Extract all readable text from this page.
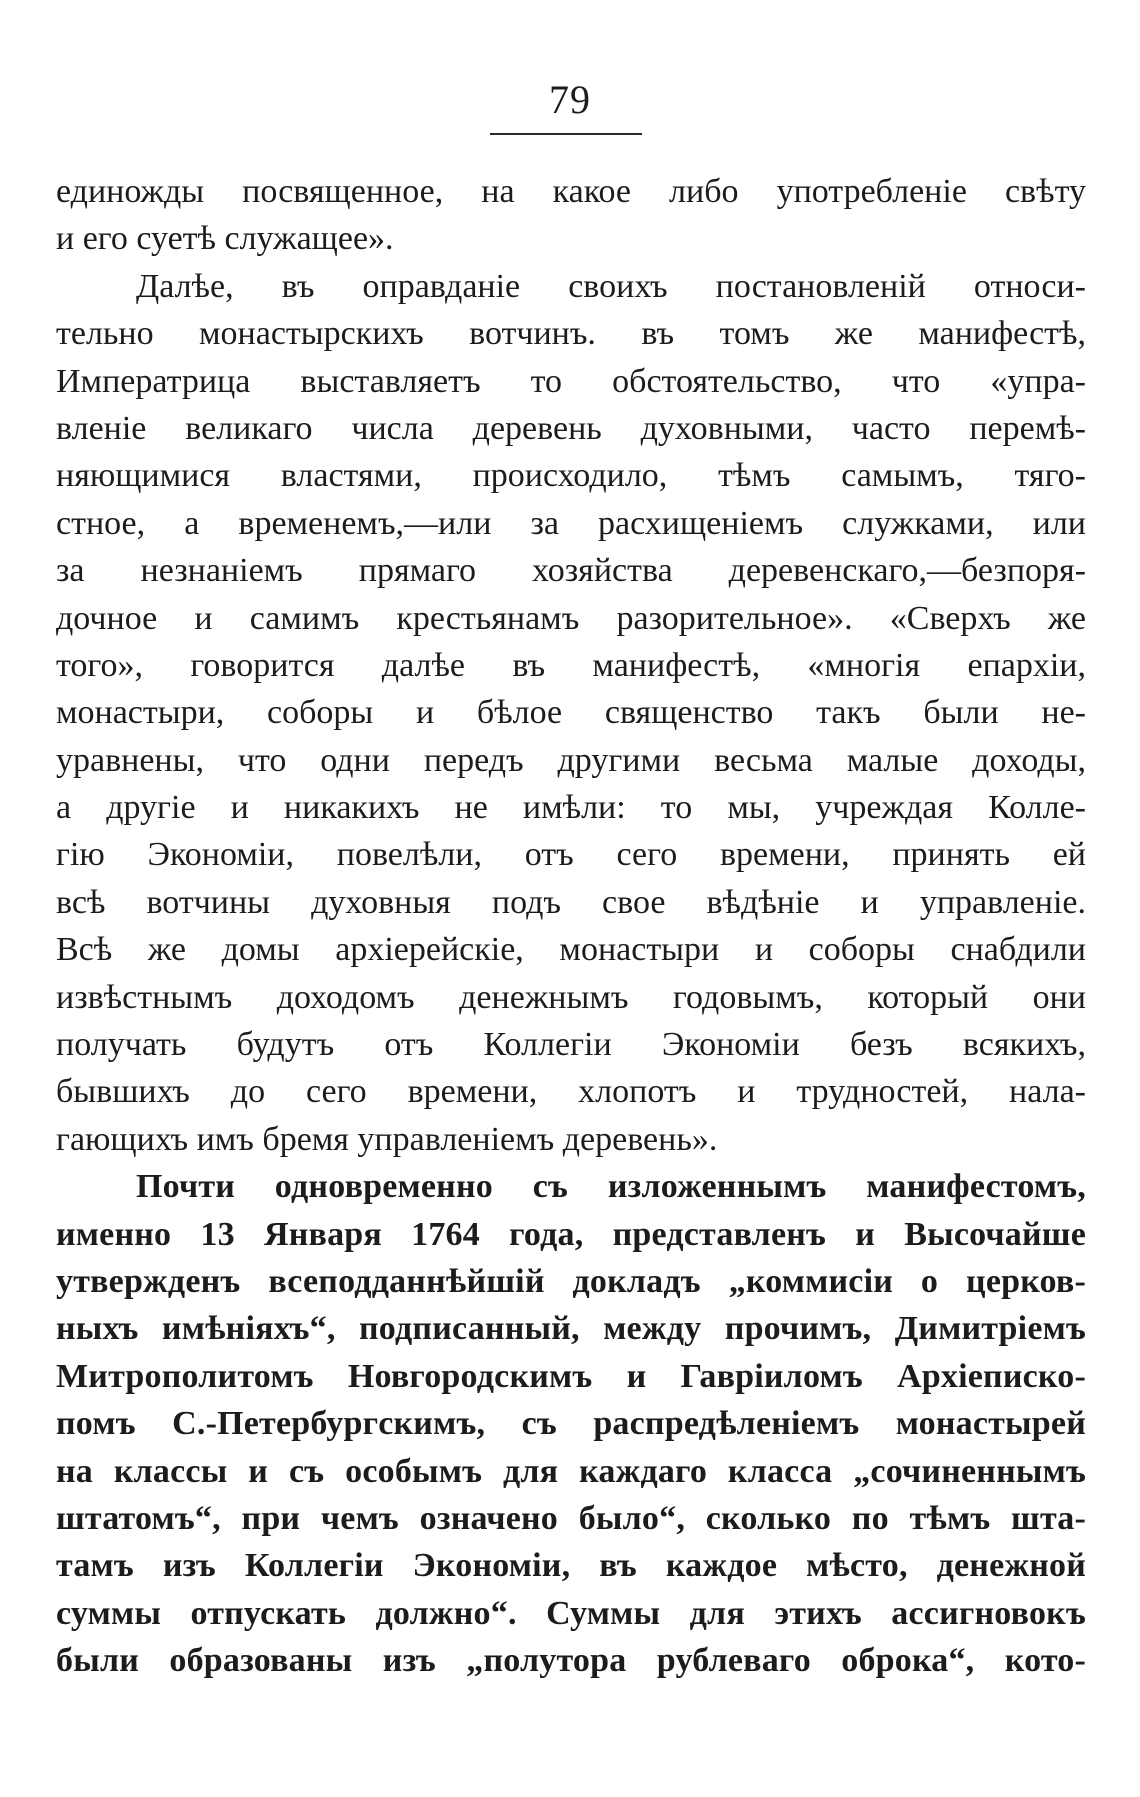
79
единожды посвященное, на какое либо употребленіе свѣту
и его суетѣ служащее».
Далѣе, въ оправданіе своихъ постановленій относи-
тельно монастырскихъ вотчинъ. въ томъ же манифестѣ,
Императрица выставляетъ то обстоятельство, что «упра-
вленіе великаго числа деревень духовными, часто перемѣ-
няющимися властями, происходило, тѣмъ самымъ, тяго-
стное, а временемъ,—или за расхищеніемъ служками, или
за незнаніемъ прямаго хозяйства деревенскаго,—безпоря-
дочное и самимъ крестьянамъ разорительное». «Сверхъ же
того», говорится далѣе въ манифестѣ, «многія епархіи,
монастыри, соборы и бѣлое священство такъ были не-
уравнены, что одни передъ другими весьма малые доходы,
а другіе и никакихъ не имѣли: то мы, учреждая Колле-
гію Экономіи, повелѣли, отъ сего времени, принять ей
всѣ вотчины духовныя подъ свое вѣдѣніе и управленіе.
Всѣ же домы архіерейскіе, монастыри и соборы снабдили
извѣстнымъ доходомъ денежнымъ годовымъ, который они
получать будутъ отъ Коллегіи Экономіи безъ всякихъ,
бывшихъ до сего времени, хлопотъ и трудностей, нала-
гающихъ имъ бремя управленіемъ деревень».
Почти одновременно съ изложеннымъ манифестомъ,
именно 13 Января 1764 года, представленъ и Высочайше
утвержденъ всеподданнѣйшій докладъ „коммисіи о церков-
ныхъ имѣніяхъ“, подписанный, между прочимъ, Димитріемъ
Митрополитомъ Новгородскимъ и Гавріиломъ Архіеписко-
помъ С.-Петербургскимъ, съ распредѣленіемъ монастырей
на классы и съ особымъ для каждаго класса „сочиненнымъ
штатомъ“, при чемъ означено было“, сколько по тѣмъ шта-
тамъ изъ Коллегіи Экономіи, въ каждое мѣсто, денежной
суммы отпускать должно“. Суммы для этихъ ассигновокъ
были образованы изъ „полутора рублеваго оброка“, кото-
